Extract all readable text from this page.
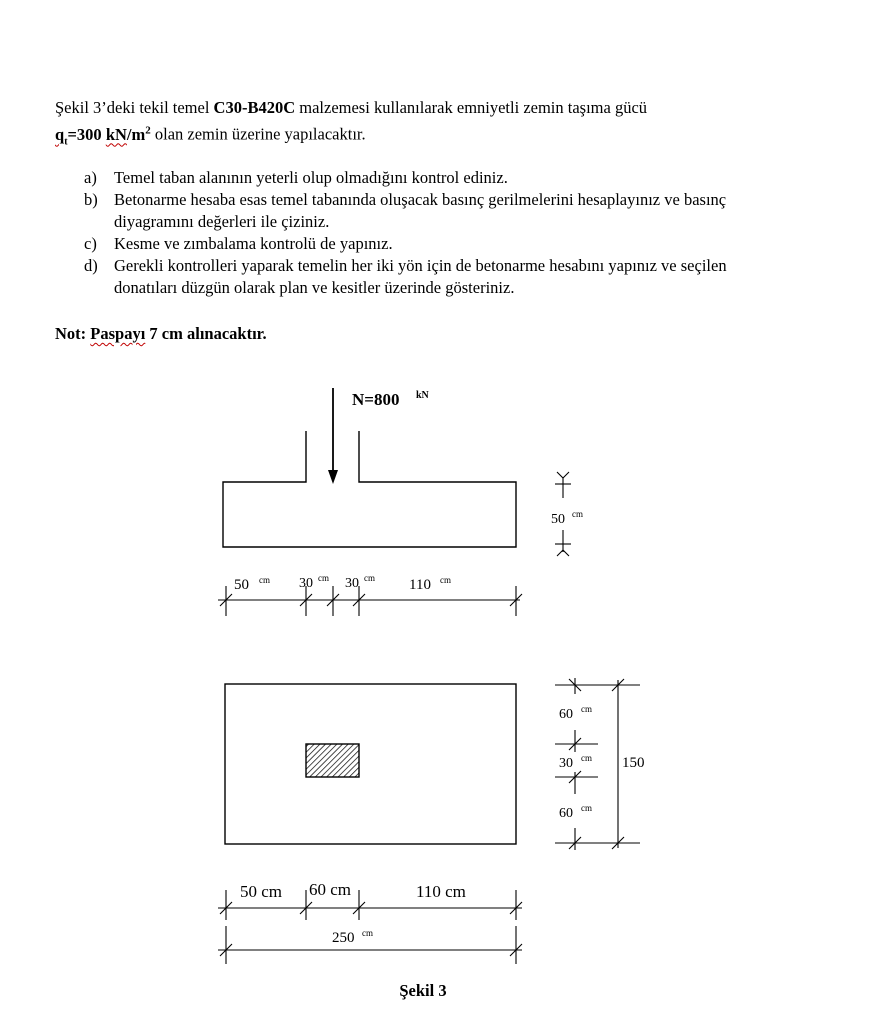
Şekil 3’deki tekil temel C30-B420C malzemesi kullanılarak emniyetli zemin taşıma gücü
$q_t=300$ $kN/m^2$ olan zemin üzerine yapılacaktır.
a)	Temel taban alanının yeterli olup olmadığını kontrol ediniz.
b) Betonarme hesaba esas temel tabanında oluşacak basınç gerilmelerini hesaplayınız ve basınç diyagramını değerleri ile çiziniz.
c)	Kesme ve zımbalama kontrolü de yapınız.
d) Gerekli kontrolleri yaparak temelin her iki yön için de betonarme hesabını yapınız ve seçilen donatıları düzgün olarak plan ve kesitler üzerinde gösteriniz.
Not: Paspayı 7 cm alınacaktır.
N=800 kN
50 cm
50 cm 30 cm 30 cm 110 cm
60 cm
30 cm
60 cm
150
50 cm 60 cm	110 cm
250 cm
Şekil 3
